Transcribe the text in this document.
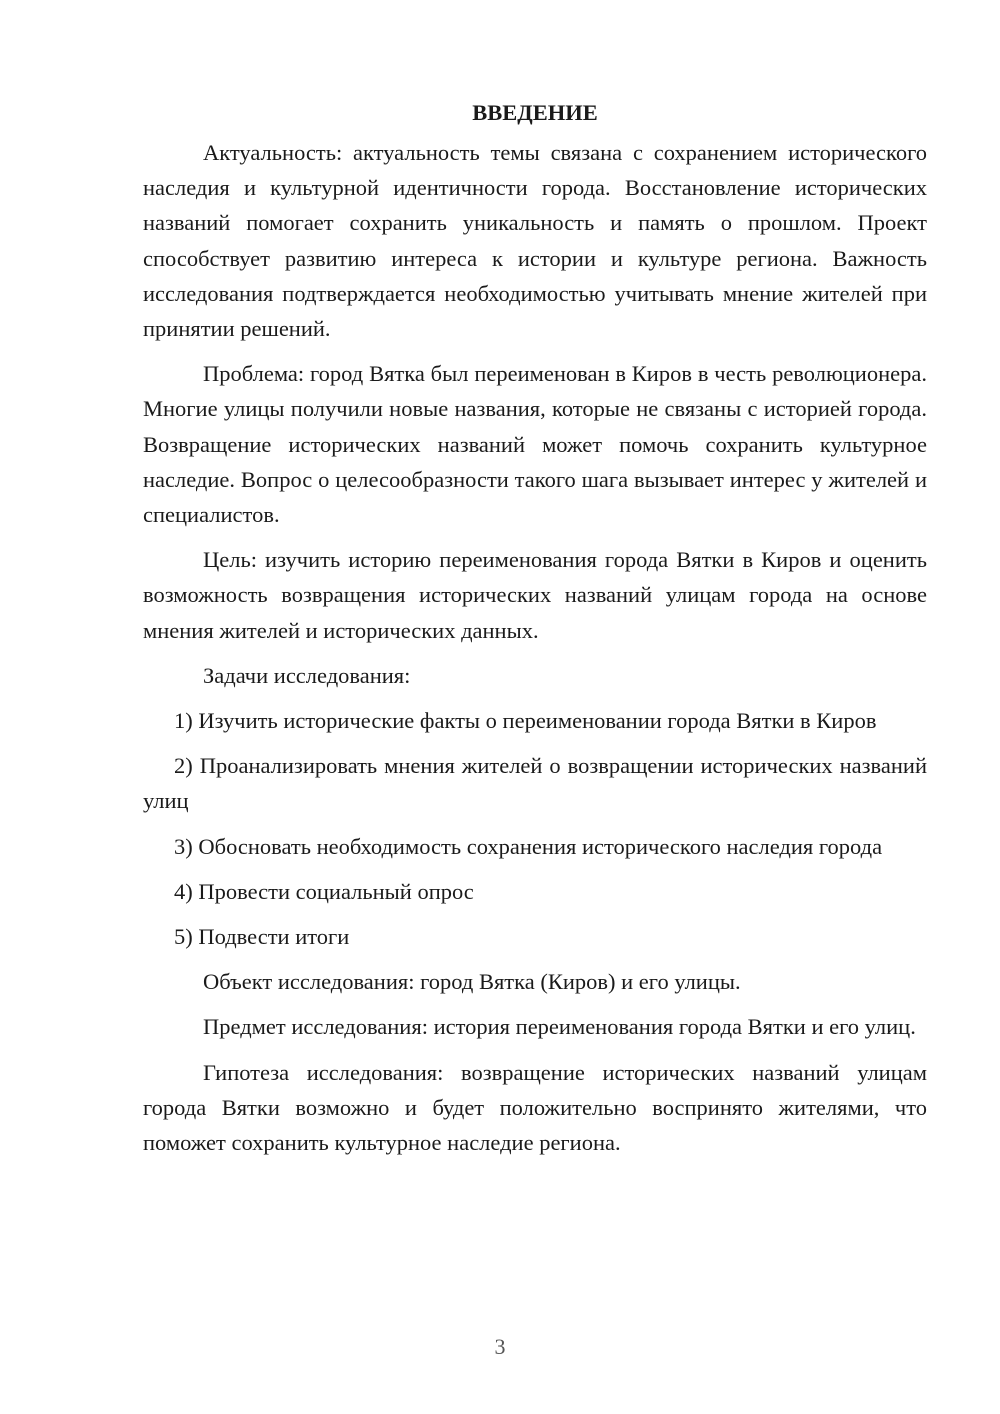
ВВЕДЕНИЕ

Актуальность: актуальность темы связана с сохранением исторического наследия и культурной идентичности города. Восстановление исторических названий помогает сохранить уникальность и память о прошлом. Проект способствует развитию интереса к истории и культуре региона. Важность исследования подтверждается необходимостью учитывать мнение жителей при принятии решений.

Проблема: город Вятка был переименован в Киров в честь революционера. Многие улицы получили новые названия, которые не связаны с историей города. Возвращение исторических названий может помочь сохранить культурное наследие. Вопрос о целесообразности такого шага вызывает интерес у жителей и специалистов.

Цель: изучить историю переименования города Вятки в Киров и оценить возможность возвращения исторических названий улицам города на основе мнения жителей и исторических данных.

Задачи исследования:

1) Изучить исторические факты о переименовании города Вятки в Киров

2) Проанализировать мнения жителей о возвращении исторических названий улиц

3) Обосновать необходимость сохранения исторического наследия города

4) Провести социальный опрос

5) Подвести итоги

Объект исследования: город Вятка (Киров) и его улицы.

Предмет исследования: история переименования города Вятки и его улиц.

Гипотеза исследования: возвращение исторических названий улицам города Вятки возможно и будет положительно воспринято жителями, что поможет сохранить культурное наследие региона.

3
